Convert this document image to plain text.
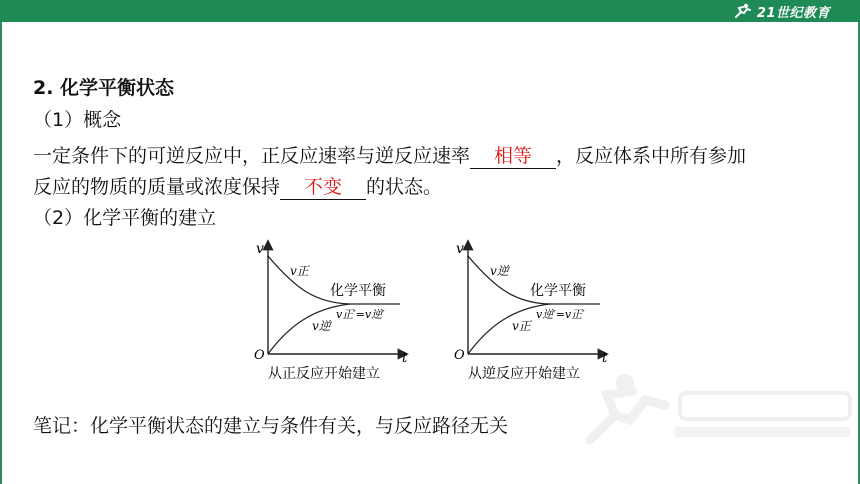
21世纪教育
2. 化学平衡状态
（1）概念
一定条件下的可逆反应中，正反应速率与逆反应速率 相等 ，反应体系中所有参加
反应的物质的质量或浓度保持 不变 的状态。
（2）化学平衡的建立
v
t
O
v正
v逆
化学平衡
v正′=v逆′
从正反应开始建立
v
t
O
v逆
v正
化学平衡
v逆′=v正′
从逆反应开始建立
笔记：化学平衡状态的建立与条件有关，与反应路径无关
